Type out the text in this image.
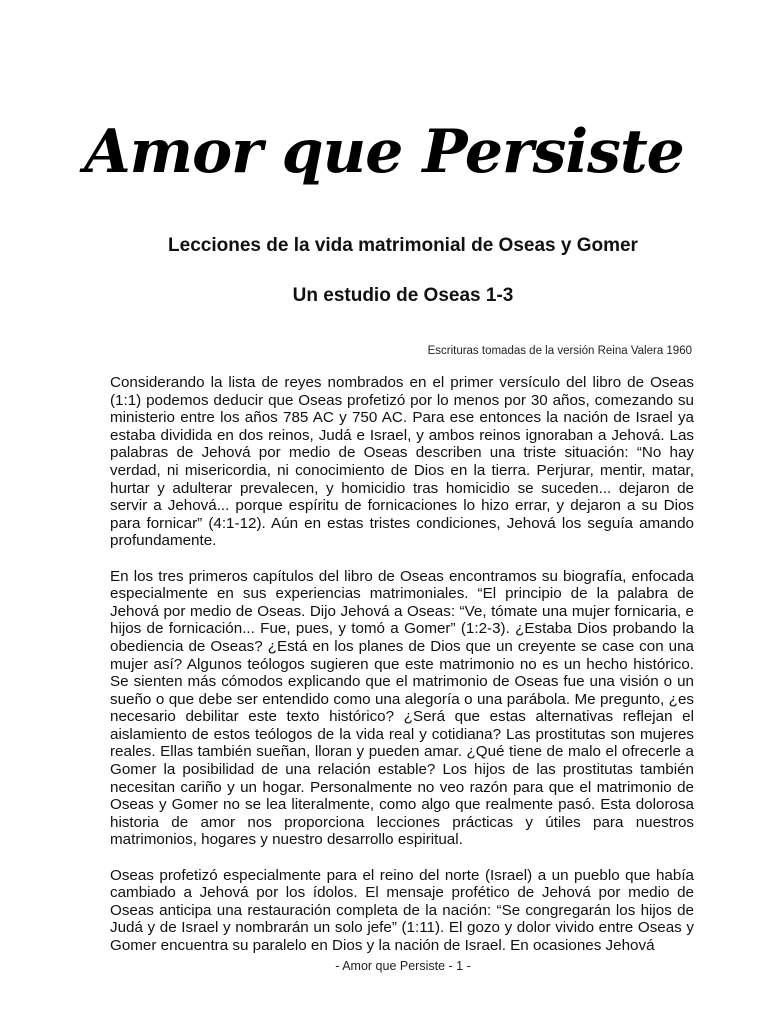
Amor que Persiste
Lecciones de la vida matrimonial de Oseas y Gomer
Un estudio de Oseas 1-3
Escrituras tomadas de la versión Reina Valera 1960

Considerando la lista de reyes nombrados en el primer versículo del libro de Oseas (1:1) podemos deducir que Oseas profetizó por lo menos por 30 años, comezando su ministerio entre los años 785 AC y 750 AC. Para ese entonces la nación de Israel ya estaba dividida en dos reinos, Judá e Israel, y ambos reinos ignoraban a Jehová. Las palabras de Jehová por medio de Oseas describen una triste situación: “No hay verdad, ni misericordia, ni conocimiento de Dios en la tierra. Perjurar, mentir, matar, hurtar y adulterar prevalecen, y homicidio tras homicidio se suceden... dejaron de servir a Jehová... porque espíritu de fornicaciones lo hizo errar, y dejaron a su Dios para fornicar” (4:1-12). Aún en estas tristes condiciones, Jehová los seguía amando profundamente.

En los tres primeros capítulos del libro de Oseas encontramos su biografía, enfocada especialmente en sus experiencias matrimoniales. “El principio de la palabra de Jehová por medio de Oseas. Dijo Jehová a Oseas: “Ve, tómate una mujer fornicaria, e hijos de fornicación... Fue, pues, y tomó a Gomer” (1:2-3). ¿Estaba Dios probando la obediencia de Oseas? ¿Está en los planes de Dios que un creyente se case con una mujer así? Algunos teólogos sugieren que este matrimonio no es un hecho histórico. Se sienten más cómodos explicando que el matrimonio de Oseas fue una visión o un sueño o que debe ser entendido como una alegoría o una parábola. Me pregunto, ¿es necesario debilitar este texto histórico? ¿Será que estas alternativas reflejan el aislamiento de estos teólogos de la vida real y cotidiana? Las prostitutas son mujeres reales. Ellas también sueñan, lloran y pueden amar. ¿Qué tiene de malo el ofrecerle a Gomer la posibilidad de una relación estable? Los hijos de las prostitutas también necesitan cariño y un hogar. Personalmente no veo razón para que el matrimonio de Oseas y Gomer no se lea literalmente, como algo que realmente pasó. Esta dolorosa historia de amor nos proporciona lecciones prácticas y útiles para nuestros matrimonios, hogares y nuestro desarrollo espiritual.

Oseas profetizó especialmente para el reino del norte (Israel) a un pueblo que había cambiado a Jehová por los ídolos. El mensaje profético de Jehová por medio de Oseas anticipa una restauración completa de la nación: “Se congregarán los hijos de Judá y de Israel y nombrarán un solo jefe” (1:11). El gozo y dolor vivido entre Oseas y Gomer encuentra su paralelo en Dios y la nación de Israel. En ocasiones Jehová

- Amor que Persiste - 1 -
